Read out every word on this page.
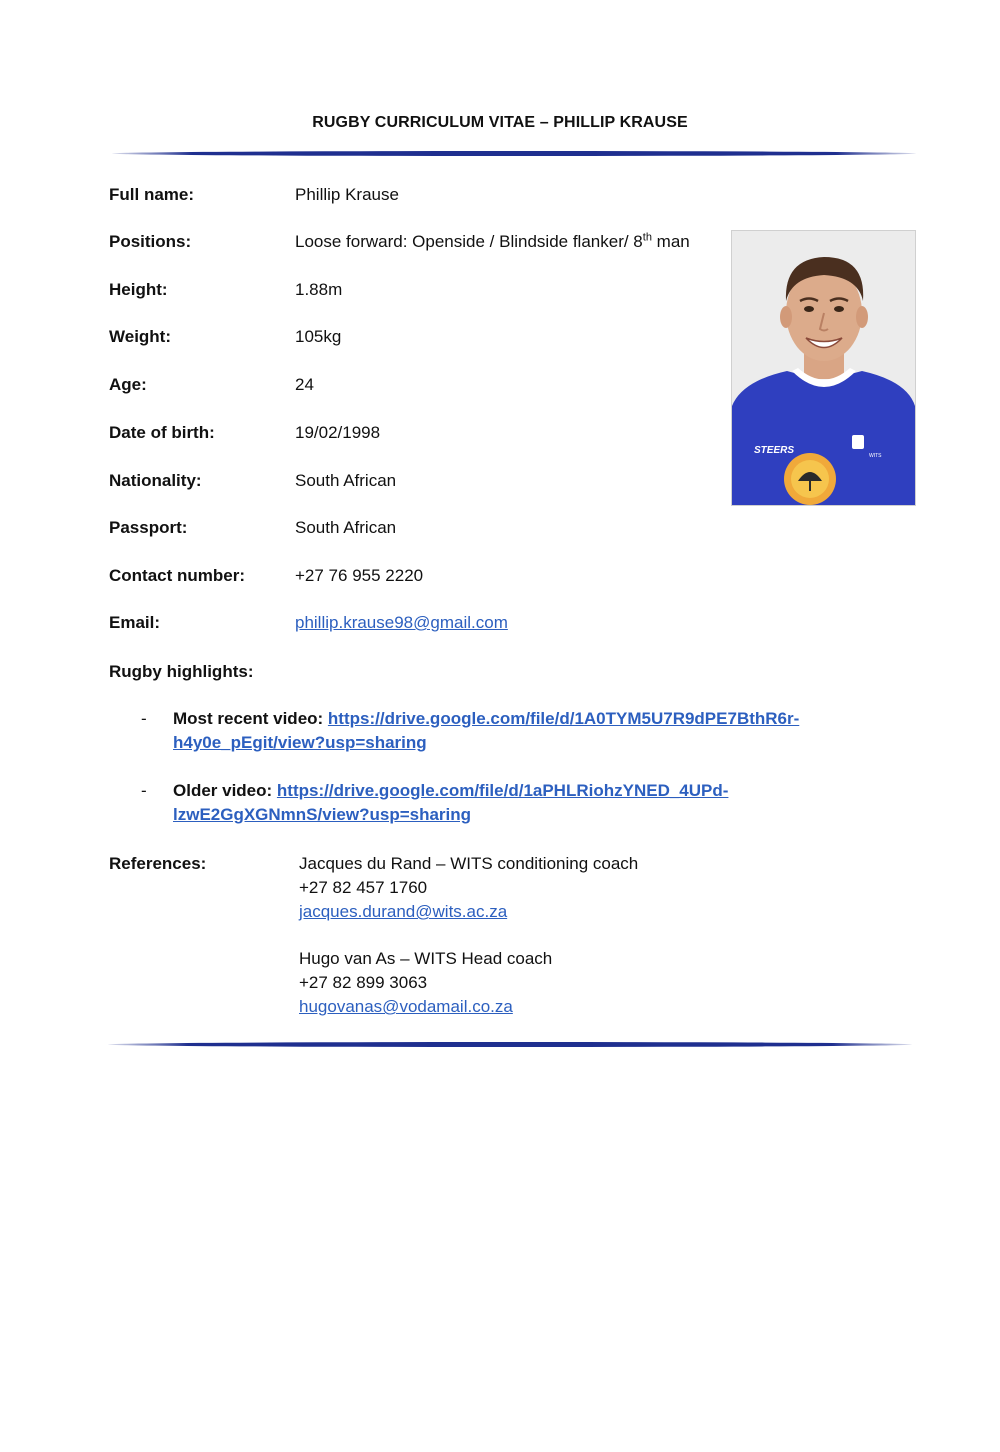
RUGBY CURRICULUM VITAE – PHILLIP KRAUSE
Full name:	Phillip Krause
Positions:	Loose forward: Openside / Blindside flanker/ 8th man
Height:	1.88m
Weight:	105kg
Age:	24
Date of birth:	19/02/1998
Nationality:	South African
Passport:	South African
Contact number:	+27 76 955 2220
Email:	phillip.krause98@gmail.com
STEERS	WITS
Rugby highlights:
- Most recent video: https://drive.google.com/file/d/1A0TYM5U7R9dPE7BthR6r-
h4y0e_pEgit/view?usp=sharing
- Older video: https://drive.google.com/file/d/1aPHLRiohzYNED_4UPd-
lzwE2GgXGNmnS/view?usp=sharing
References:	Jacques du Rand – WITS conditioning coach
+27 82 457 1760
jacques.durand@wits.ac.za
Hugo van As – WITS Head coach
+27 82 899 3063
hugovanas@vodamail.co.za
